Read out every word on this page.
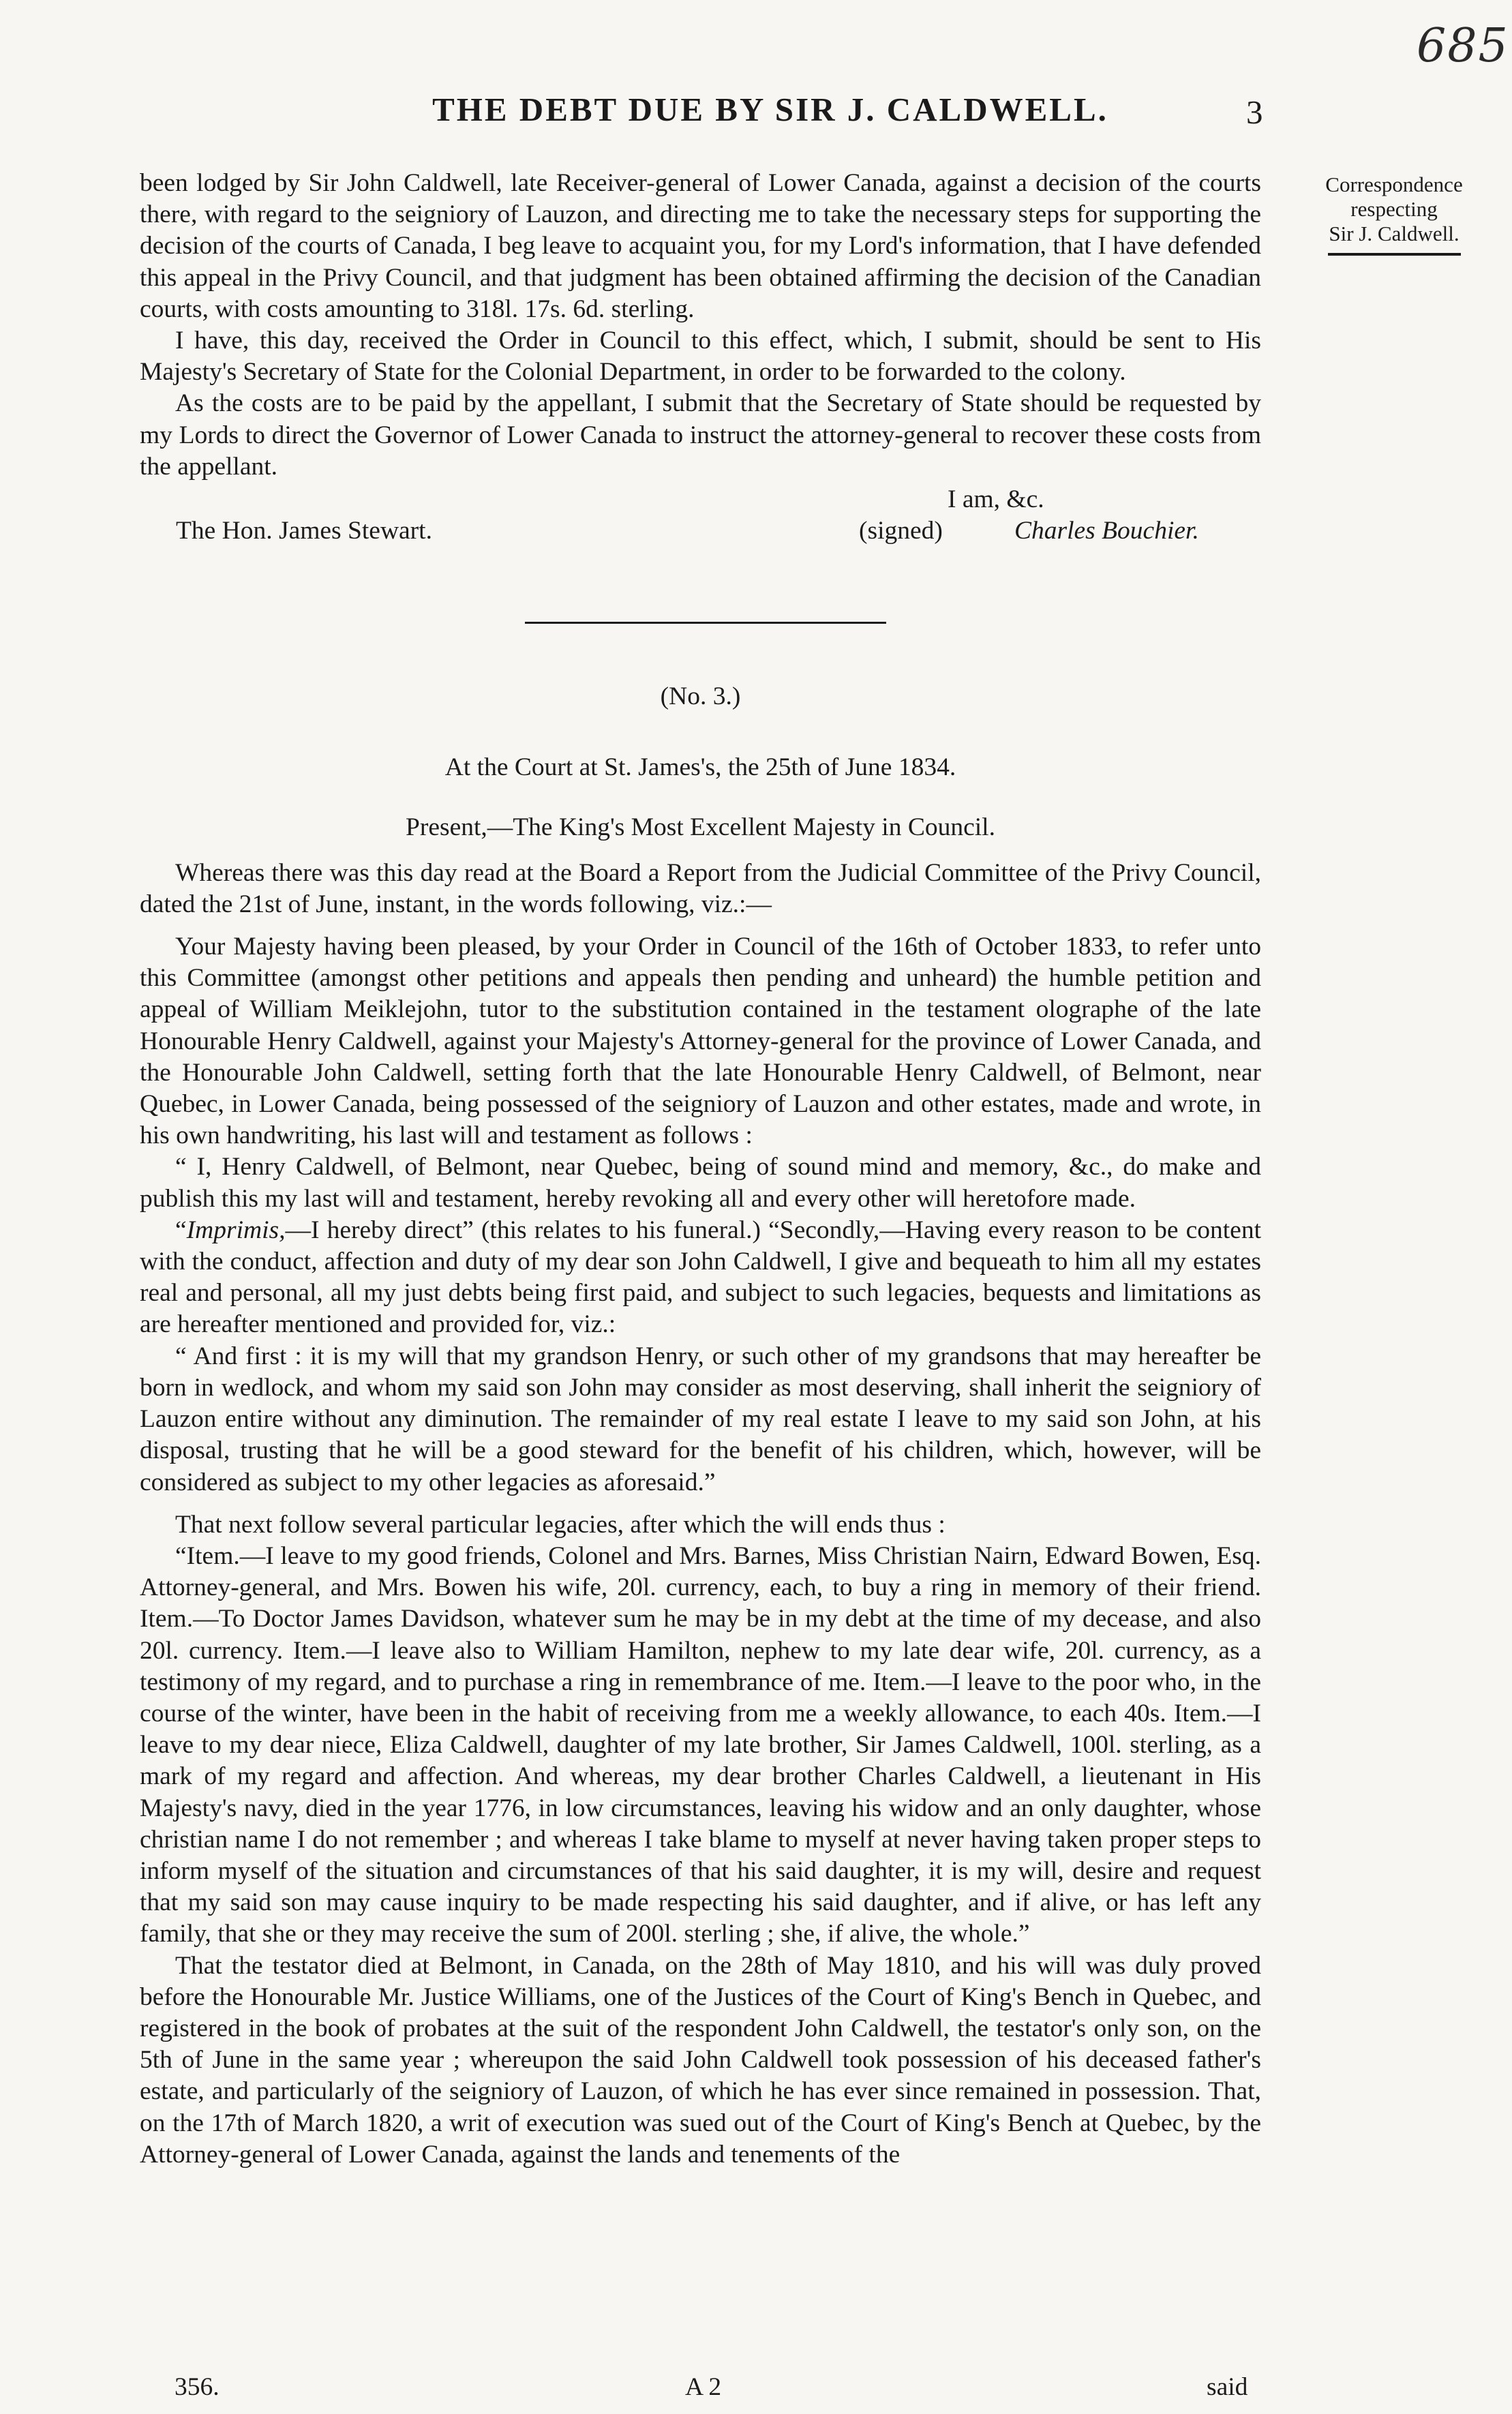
685
THE DEBT DUE BY SIR J. CALDWELL.	3
Correspondence
respecting
Sir J. Caldwell.

been lodged by Sir John Caldwell, late Receiver-general of Lower Canada, against a decision of the courts there, with regard to the seigniory of Lauzon, and directing me to take the necessary steps for supporting the decision of the courts of Canada, I beg leave to acquaint you, for my Lord's information, that I have defended this appeal in the Privy Council, and that judgment has been obtained affirming the decision of the Canadian courts, with costs amounting to 318l. 17s. 6d. sterling.

I have, this day, received the Order in Council to this effect, which, I submit, should be sent to His Majesty's Secretary of State for the Colonial Department, in order to be forwarded to the colony.

As the costs are to be paid by the appellant, I submit that the Secretary of State should be requested by my Lords to direct the Governor of Lower Canada to instruct the attorney-general to recover these costs from the appellant.

I am, &c.
The Hon. James Stewart.	(signed)	Charles Bouchier.

(No. 3.)

At the Court at St. James's, the 25th of June 1834.

Present,—The King's Most Excellent Majesty in Council.

Whereas there was this day read at the Board a Report from the Judicial Committee of the Privy Council, dated the 21st of June, instant, in the words following, viz.:—

Your Majesty having been pleased, by your Order in Council of the 16th of October 1833, to refer unto this Committee (amongst other petitions and appeals then pending and unheard) the humble petition and appeal of William Meiklejohn, tutor to the substitution contained in the testament olographe of the late Honourable Henry Caldwell, against your Majesty's Attorney-general for the province of Lower Canada, and the Honourable John Caldwell, setting forth that the late Honourable Henry Caldwell, of Belmont, near Quebec, in Lower Canada, being possessed of the seigniory of Lauzon and other estates, made and wrote, in his own handwriting, his last will and testament as follows :

“ I, Henry Caldwell, of Belmont, near Quebec, being of sound mind and memory, &c., do make and publish this my last will and testament, hereby revoking all and every other will heretofore made.

“Imprimis,—I hereby direct” (this relates to his funeral.) “Secondly,—Having every reason to be content with the conduct, affection and duty of my dear son John Caldwell, I give and bequeath to him all my estates real and personal, all my just debts being first paid, and subject to such legacies, bequests and limitations as are hereafter mentioned and provided for, viz.:

“ And first : it is my will that my grandson Henry, or such other of my grandsons that may hereafter be born in wedlock, and whom my said son John may consider as most deserving, shall inherit the seigniory of Lauzon entire without any diminution. The remainder of my real estate I leave to my said son John, at his disposal, trusting that he will be a good steward for the benefit of his children, which, however, will be considered as subject to my other legacies as aforesaid.”

That next follow several particular legacies, after which the will ends thus :

“Item.—I leave to my good friends, Colonel and Mrs. Barnes, Miss Christian Nairn, Edward Bowen, Esq. Attorney-general, and Mrs. Bowen his wife, 20l. currency, each, to buy a ring in memory of their friend. Item.—To Doctor James Davidson, whatever sum he may be in my debt at the time of my decease, and also 20l. currency. Item.—I leave also to William Hamilton, nephew to my late dear wife, 20l. currency, as a testimony of my regard, and to purchase a ring in remembrance of me. Item.—I leave to the poor who, in the course of the winter, have been in the habit of receiving from me a weekly allowance, to each 40s. Item.—I leave to my dear niece, Eliza Caldwell, daughter of my late brother, Sir James Caldwell, 100l. sterling, as a mark of my regard and affection. And whereas, my dear brother Charles Caldwell, a lieutenant in His Majesty's navy, died in the year 1776, in low circumstances, leaving his widow and an only daughter, whose christian name I do not remember ; and whereas I take blame to myself at never having taken proper steps to inform myself of the situation and circumstances of that his said daughter, it is my will, desire and request that my said son may cause inquiry to be made respecting his said daughter, and if alive, or has left any family, that she or they may receive the sum of 200l. sterling ; she, if alive, the whole.”

That the testator died at Belmont, in Canada, on the 28th of May 1810, and his will was duly proved before the Honourable Mr. Justice Williams, one of the Justices of the Court of King's Bench in Quebec, and registered in the book of probates at the suit of the respondent John Caldwell, the testator's only son, on the 5th of June in the same year ; whereupon the said John Caldwell took possession of his deceased father's estate, and particularly of the seigniory of Lauzon, of which he has ever since remained in possession. That, on the 17th of March 1820, a writ of execution was sued out of the Court of King's Bench at Quebec, by the Attorney-general of Lower Canada, against the lands and tenements of the

356.	A 2	said
